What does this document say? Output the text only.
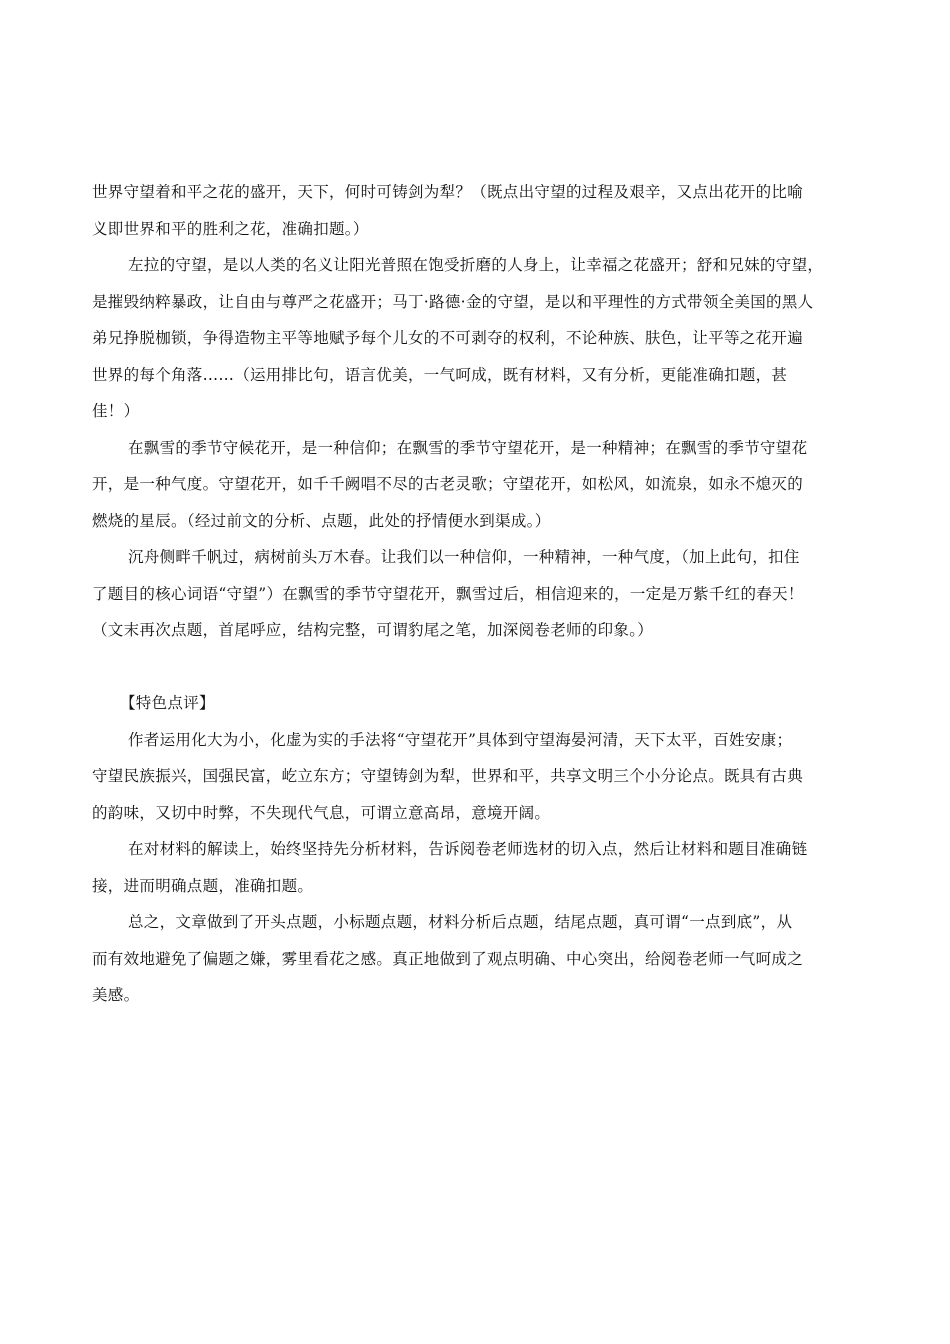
世界守望着和平之花的盛开，天下，何时可铸剑为犁？（既点出守望的过程及艰辛，又点出花开的比喻
义即世界和平的胜利之花，准确扣题。）
左拉的守望，是以人类的名义让阳光普照在饱受折磨的人身上，让幸福之花盛开；舒和兄妹的守望，
是摧毁纳粹暴政，让自由与尊严之花盛开；马丁·路德·金的守望，是以和平理性的方式带领全美国的黑人
弟兄挣脱枷锁，争得造物主平等地赋予每个儿女的不可剥夺的权利，不论种族、肤色，让平等之花开遍
世界的每个角落……（运用排比句，语言优美，一气呵成，既有材料，又有分析，更能准确扣题，甚
佳！）
在飘雪的季节守候花开，是一种信仰；在飘雪的季节守望花开，是一种精神；在飘雪的季节守望花
开，是一种气度。守望花开，如千千阙唱不尽的古老灵歌；守望花开，如松风，如流泉，如永不熄灭的
燃烧的星辰。（经过前文的分析、点题，此处的抒情便水到渠成。）
沉舟侧畔千帆过，病树前头万木春。让我们以一种信仰，一种精神，一种气度，（加上此句，扣住
了题目的核心词语“守望”）在飘雪的季节守望花开，飘雪过后，相信迎来的，一定是万紫千红的春天！
（文末再次点题，首尾呼应，结构完整，可谓豹尾之笔，加深阅卷老师的印象。）
【特色点评】
作者运用化大为小，化虚为实的手法将“守望花开”具体到守望海晏河清，天下太平，百姓安康；
守望民族振兴，国强民富，屹立东方；守望铸剑为犁，世界和平，共享文明三个小分论点。既具有古典
的韵味，又切中时弊，不失现代气息，可谓立意高昂，意境开阔。
在对材料的解读上，始终坚持先分析材料，告诉阅卷老师选材的切入点，然后让材料和题目准确链
接，进而明确点题，准确扣题。
总之，文章做到了开头点题，小标题点题，材料分析后点题，结尾点题，真可谓“一点到底”，从
而有效地避免了偏题之嫌，雾里看花之感。真正地做到了观点明确、中心突出，给阅卷老师一气呵成之
美感。
